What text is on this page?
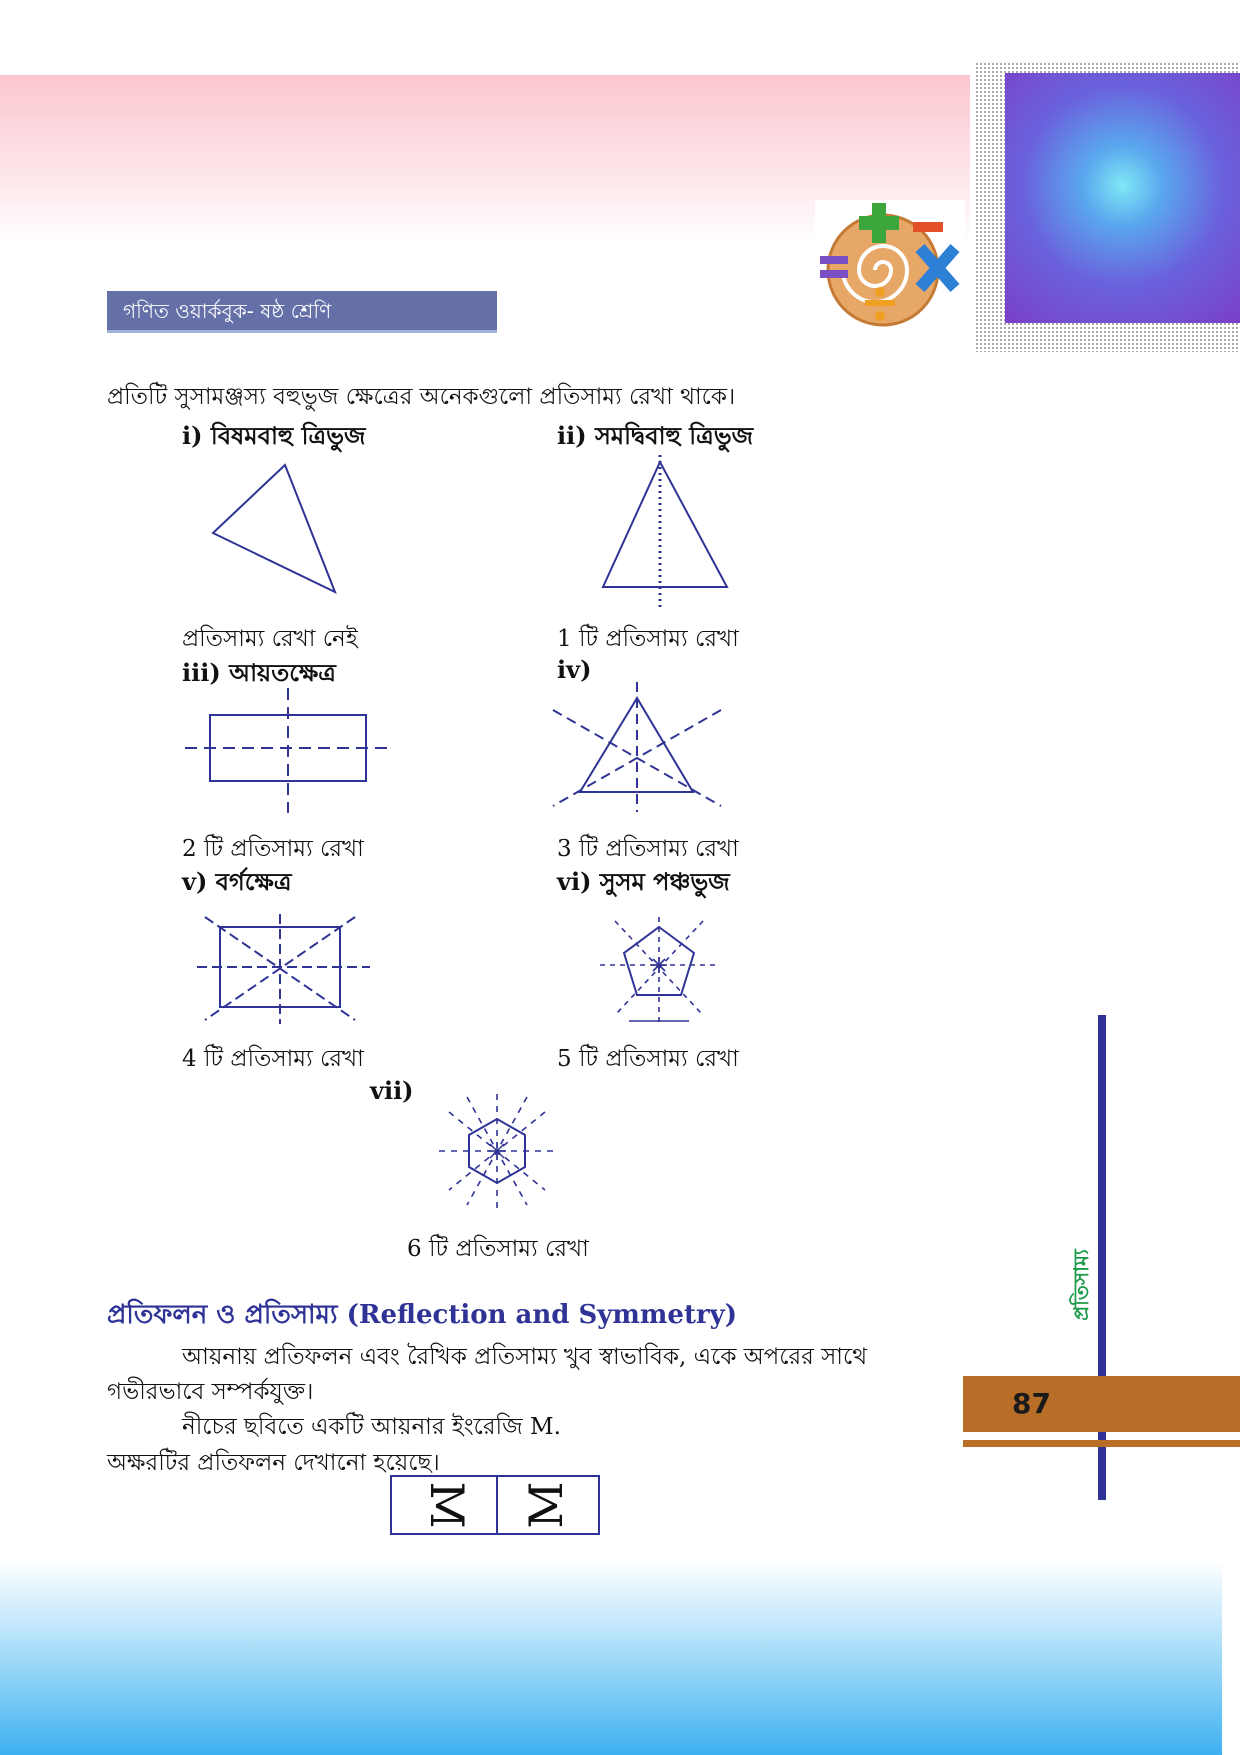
গণিত ওয়ার্কবুক- ষষ্ঠ শ্রেণি
প্রতিটি সুসামঞ্জস্য বহুভুজ ক্ষেত্রের অনেকগুলো প্রতিসাম্য রেখা থাকে।
i) বিষমবাহু ত্রিভুজ	ii) সমদ্বিবাহু ত্রিভুজ
প্রতিসাম্য রেখা নেই	1 টি প্রতিসাম্য রেখা
iii) আয়তক্ষেত্র	iv)
2 টি প্রতিসাম্য রেখা	3 টি প্রতিসাম্য রেখা
v) বর্গক্ষেত্র	vi) সুসম পঞ্চভুজ
4 টি প্রতিসাম্য রেখা	5 টি প্রতিসাম্য রেখা
vii)
6 টি প্রতিসাম্য রেখা
প্রতিফলন ও প্রতিসাম্য (Reflection and Symmetry)
আয়নায় প্রতিফলন এবং রৈখিক প্রতিসাম্য খুব স্বাভাবিক, একে অপরের সাথে
গভীরভাবে সম্পর্কযুক্ত।
নীচের ছবিতে একটি আয়নার ইংরেজি M.
অক্ষরটির প্রতিফলন দেখানো হয়েছে।
M M
প্রতিসাম্য
87
